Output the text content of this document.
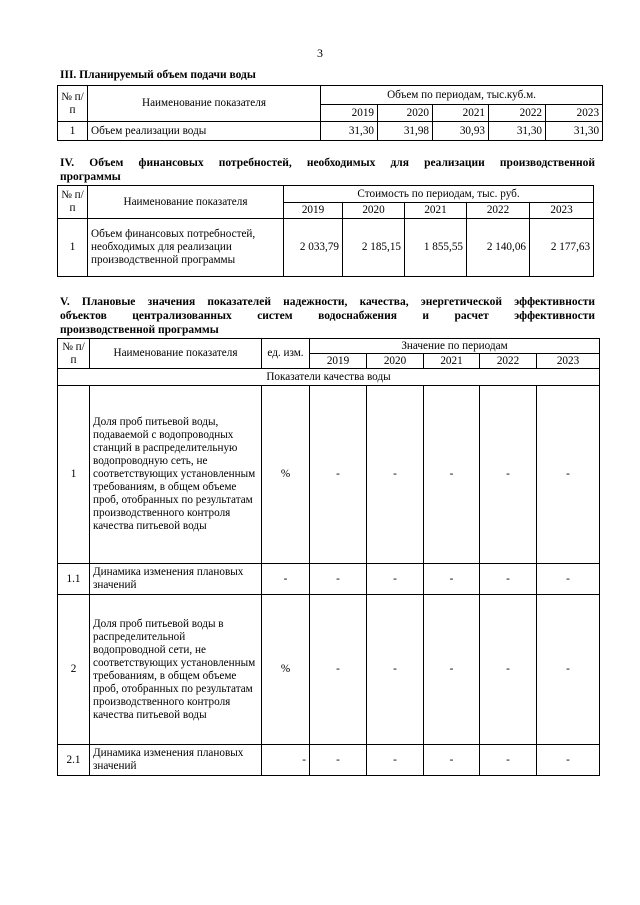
3
III. Планируемый объем подачи воды
№ п/п	Наименование показателя	Объем по периодам, тыс.куб.м.				
		2019	2020	2021	2022	2023
1	Объем реализации воды	31,30	31,98	30,93	31,30	31,30
IV. Объем финансовых потребностей, необходимых для реализации производственной
программы
№ п/п	Наименование показателя	Стоимость по периодам, тыс. руб.				
		2019	2020	2021	2022	2023
1	Объем финансовых потребностей, необходимых для реализации производственной программы	2 033,79	2 185,15	1 855,55	2 140,06	2 177,63
V. Плановые значения показателей надежности, качества, энергетической эффективности
объектов централизованных систем водоснабжения и расчет эффективности
производственной программы
№ п/п	Наименование показателя	ед. изм.	Значение по периодам				
			2019	2020	2021	2022	2023
Показатели качества воды							
1	Доля проб питьевой воды, подаваемой с водопроводных станций в распределительную водопроводную сеть, не соответствующих установленным требованиям, в общем объеме проб, отобранных по результатам производственного контроля качества питьевой воды	%	-	-	-	-	-
1.1	Динамика изменения плановых значений	-	-	-	-	-	-
2	Доля проб питьевой воды в распределительной водопроводной сети, не соответствующих установленным требованиям, в общем объеме проб, отобранных по результатам производственного контроля качества питьевой воды	%	-	-	-	-	-
2.1	Динамика изменения плановых значений	-	-	-	-	-	-
